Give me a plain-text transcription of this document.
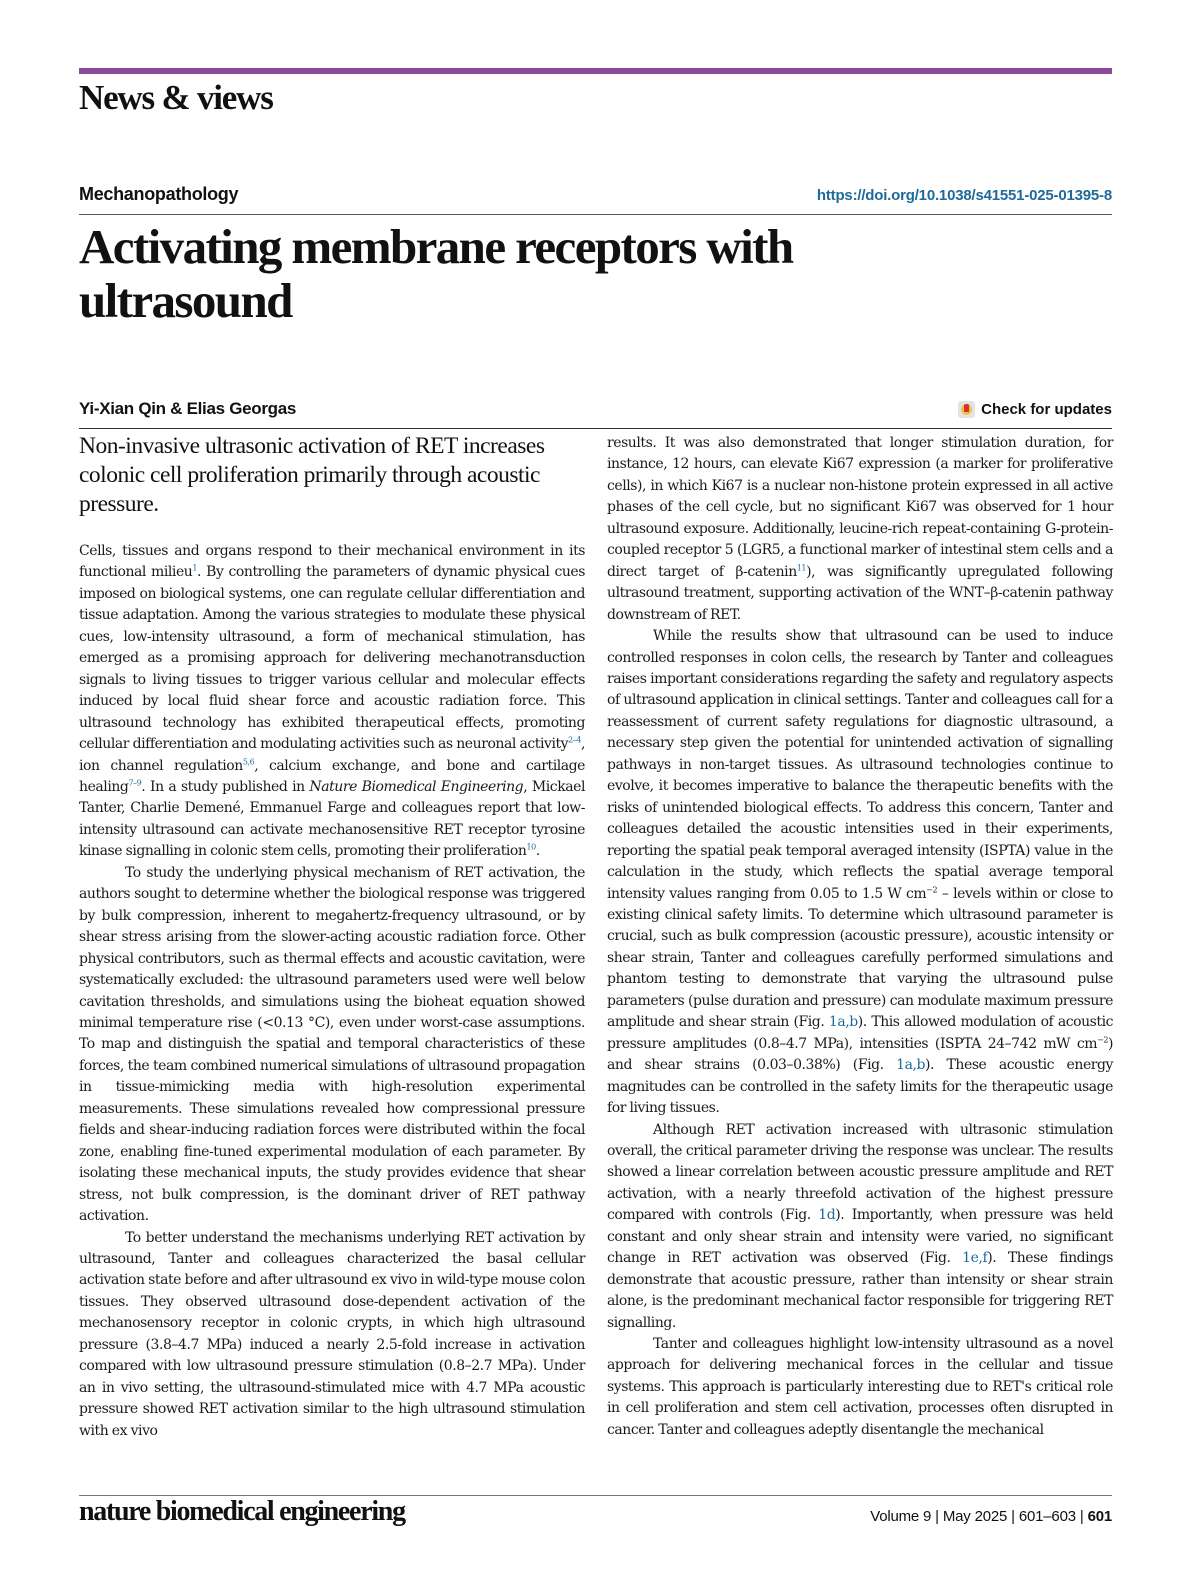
News & views
Mechanopathology	https://doi.org/10.1038/s41551-025-01395-8
Activating membrane receptors with ultrasound
Yi-Xian Qin & Elias Georgas	Check for updates

Non-invasive ultrasonic activation of RET increases colonic cell proliferation primarily through acoustic pressure.

Cells, tissues and organs respond to their mechanical environment in its functional milieu$^1$. By controlling the parameters of dynamic physical cues imposed on biological systems, one can regulate cellular differentiation and tissue adaptation. Among the various strategies to modulate these physical cues, low-intensity ultrasound, a form of mechanical stimulation, has emerged as a promising approach for delivering mechanotransduction signals to living tissues to trigger various cellular and molecular effects induced by local fluid shear force and acoustic radiation force. This ultrasound technology has exhibited therapeutical effects, promoting cellular differentiation and modulating activities such as neuronal activity$^{2-4}$, ion channel regulation$^{5,6}$, calcium exchange, and bone and cartilage healing$^{7-9}$. In a study published in Nature Biomedical Engineering, Mickael Tanter, Charlie Demené, Emmanuel Farge and colleagues report that low-intensity ultrasound can activate mechanosensitive RET receptor tyrosine kinase signalling in colonic stem cells, promoting their proliferation$^{10}$.

To study the underlying physical mechanism of RET activation, the authors sought to determine whether the biological response was triggered by bulk compression, inherent to megahertz-frequency ultrasound, or by shear stress arising from the slower-acting acoustic radiation force. Other physical contributors, such as thermal effects and acoustic cavitation, were systematically excluded: the ultrasound parameters used were well below cavitation thresholds, and simulations using the bioheat equation showed minimal temperature rise (<0.13 °C), even under worst-case assumptions. To map and distinguish the spatial and temporal characteristics of these forces, the team combined numerical simulations of ultrasound propagation in tissue-mimicking media with high-resolution experimental measurements. These simulations revealed how compressional pressure fields and shear-inducing radiation forces were distributed within the focal zone, enabling fine-tuned experimental modulation of each parameter. By isolating these mechanical inputs, the study provides evidence that shear stress, not bulk compression, is the dominant driver of RET pathway activation.

To better understand the mechanisms underlying RET activation by ultrasound, Tanter and colleagues characterized the basal cellular activation state before and after ultrasound ex vivo in wild-type mouse colon tissues. They observed ultrasound dose-dependent activation of the mechanosensory receptor in colonic crypts, in which high ultrasound pressure (3.8–4.7 MPa) induced a nearly 2.5-fold increase in activation compared with low ultrasound pressure stimulation (0.8–2.7 MPa). Under an in vivo setting, the ultrasound-stimulated mice with 4.7 MPa acoustic pressure showed RET activation similar to the high ultrasound stimulation with ex vivo

results. It was also demonstrated that longer stimulation duration, for instance, 12 hours, can elevate Ki67 expression (a marker for proliferative cells), in which Ki67 is a nuclear non-histone protein expressed in all active phases of the cell cycle, but no significant Ki67 was observed for 1 hour ultrasound exposure. Additionally, leucine-rich repeat-containing G-protein-coupled receptor 5 (LGR5, a functional marker of intestinal stem cells and a direct target of β-catenin$^{11}$), was significantly upregulated following ultrasound treatment, supporting activation of the WNT–β-catenin pathway downstream of RET.

While the results show that ultrasound can be used to induce controlled responses in colon cells, the research by Tanter and colleagues raises important considerations regarding the safety and regulatory aspects of ultrasound application in clinical settings. Tanter and colleagues call for a reassessment of current safety regulations for diagnostic ultrasound, a necessary step given the potential for unintended activation of signalling pathways in non-target tissues. As ultrasound technologies continue to evolve, it becomes imperative to balance the therapeutic benefits with the risks of unintended biological effects. To address this concern, Tanter and colleagues detailed the acoustic intensities used in their experiments, reporting the spatial peak temporal averaged intensity (ISPTA) value in the calculation in the study, which reflects the spatial average temporal intensity values ranging from 0.05 to 1.5 W $cm^{-2}$ – levels within or close to existing clinical safety limits. To determine which ultrasound parameter is crucial, such as bulk compression (acoustic pressure), acoustic intensity or shear strain, Tanter and colleagues carefully performed simulations and phantom testing to demonstrate that varying the ultrasound pulse parameters (pulse duration and pressure) can modulate maximum pressure amplitude and shear strain (Fig. 1a,b). This allowed modulation of acoustic pressure amplitudes (0.8–4.7 MPa), intensities (ISPTA 24–742 mW $cm^{-2}$) and shear strains (0.03–0.38%) (Fig. 1a,b). These acoustic energy magnitudes can be controlled in the safety limits for the therapeutic usage for living tissues.

Although RET activation increased with ultrasonic stimulation overall, the critical parameter driving the response was unclear. The results showed a linear correlation between acoustic pressure amplitude and RET activation, with a nearly threefold activation of the highest pressure compared with controls (Fig. 1d). Importantly, when pressure was held constant and only shear strain and intensity were varied, no significant change in RET activation was observed (Fig. 1e,f). These findings demonstrate that acoustic pressure, rather than intensity or shear strain alone, is the predominant mechanical factor responsible for triggering RET signalling.

Tanter and colleagues highlight low-intensity ultrasound as a novel approach for delivering mechanical forces in the cellular and tissue systems. This approach is particularly interesting due to RET's critical role in cell proliferation and stem cell activation, processes often disrupted in cancer. Tanter and colleagues adeptly disentangle the mechanical

nature biomedical engineering	Volume 9 | May 2025 | 601–603 | 601
